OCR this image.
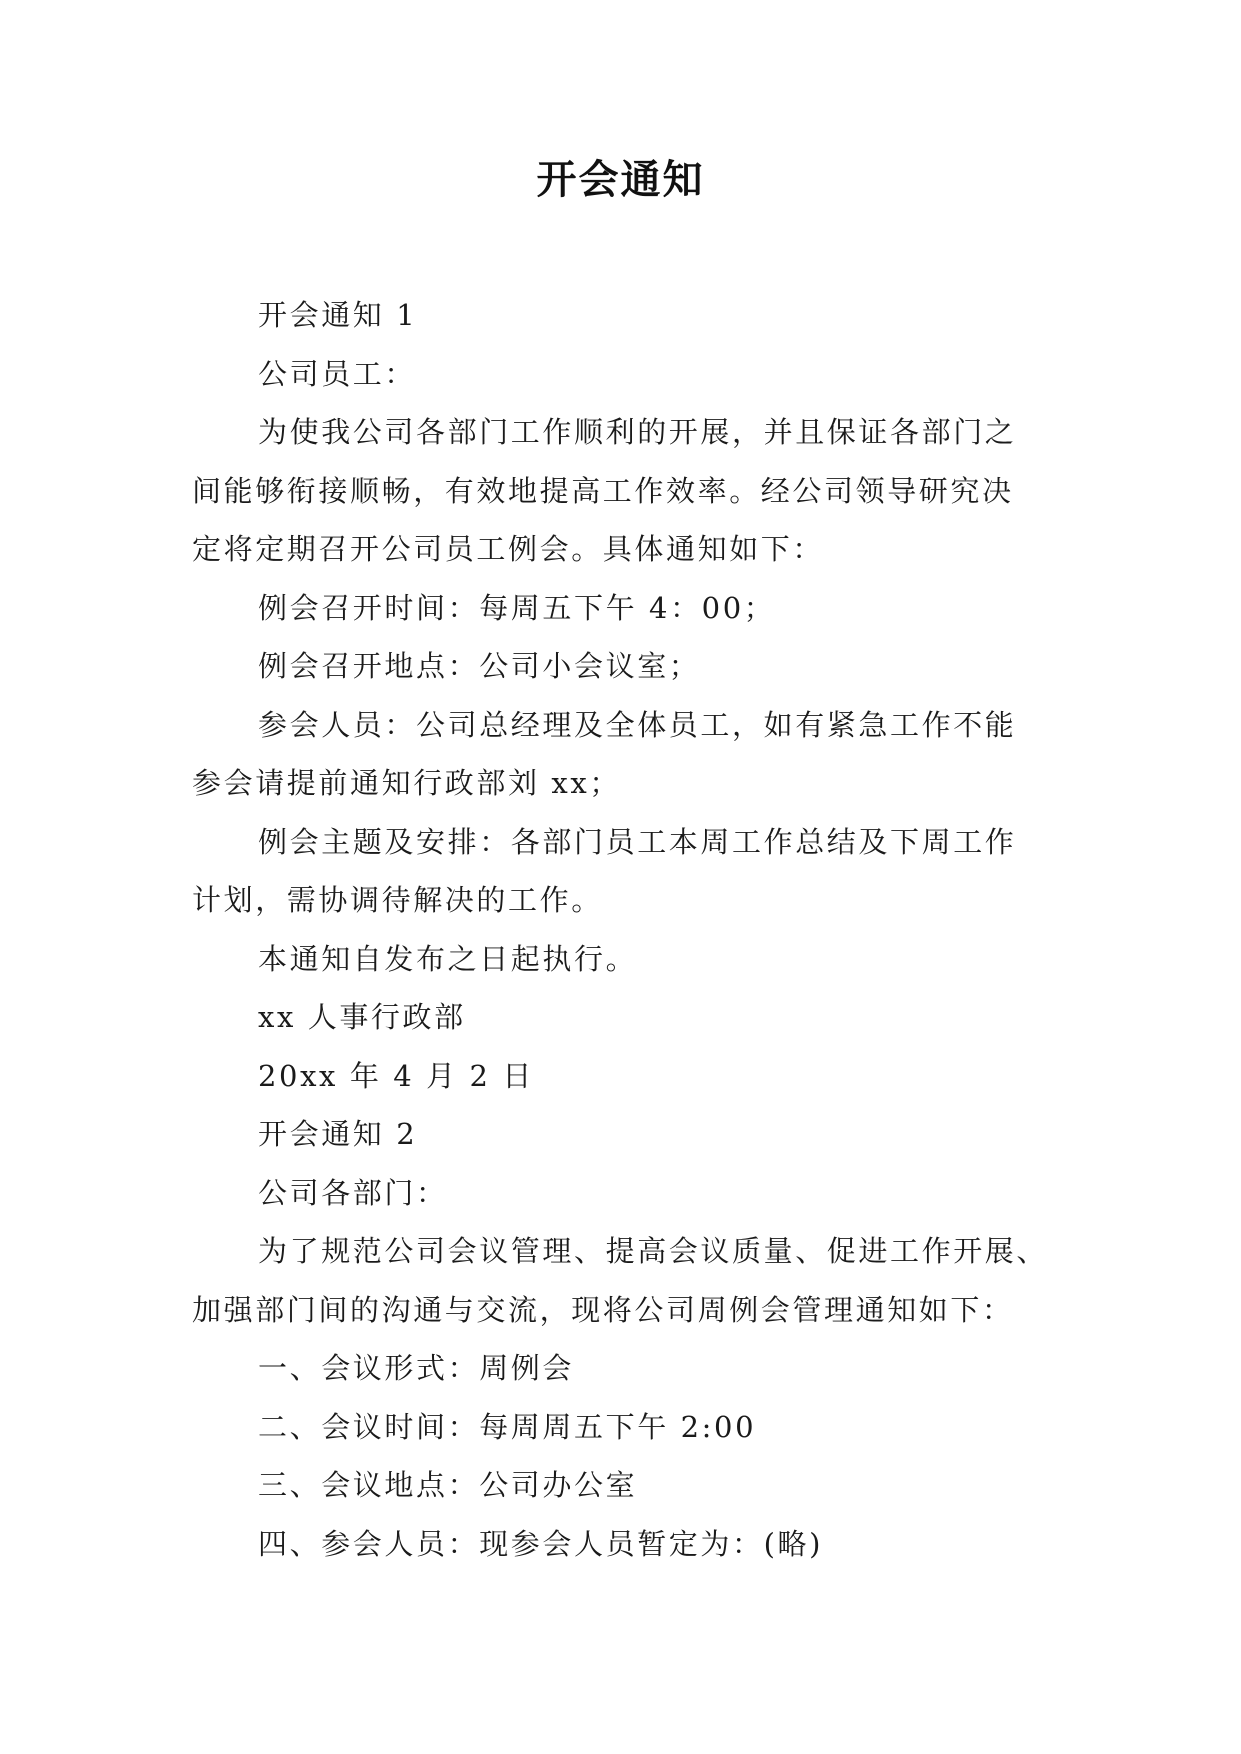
开会通知
开会通知 1
公司员工：
为使我公司各部门工作顺利的开展，并且保证各部门之
间能够衔接顺畅，有效地提高工作效率。经公司领导研究决
定将定期召开公司员工例会。具体通知如下：
例会召开时间：每周五下午 4：00；
例会召开地点：公司小会议室；
参会人员：公司总经理及全体员工，如有紧急工作不能
参会请提前通知行政部刘 xx；
例会主题及安排：各部门员工本周工作总结及下周工作
计划，需协调待解决的工作。
本通知自发布之日起执行。
xx 人事行政部
20xx 年 4 月 2 日
开会通知 2
公司各部门：
为了规范公司会议管理、提高会议质量、促进工作开展、
加强部门间的沟通与交流，现将公司周例会管理通知如下：
一、会议形式：周例会
二、会议时间：每周周五下午 2:00
三、会议地点：公司办公室
四、参会人员：现参会人员暂定为：(略)
